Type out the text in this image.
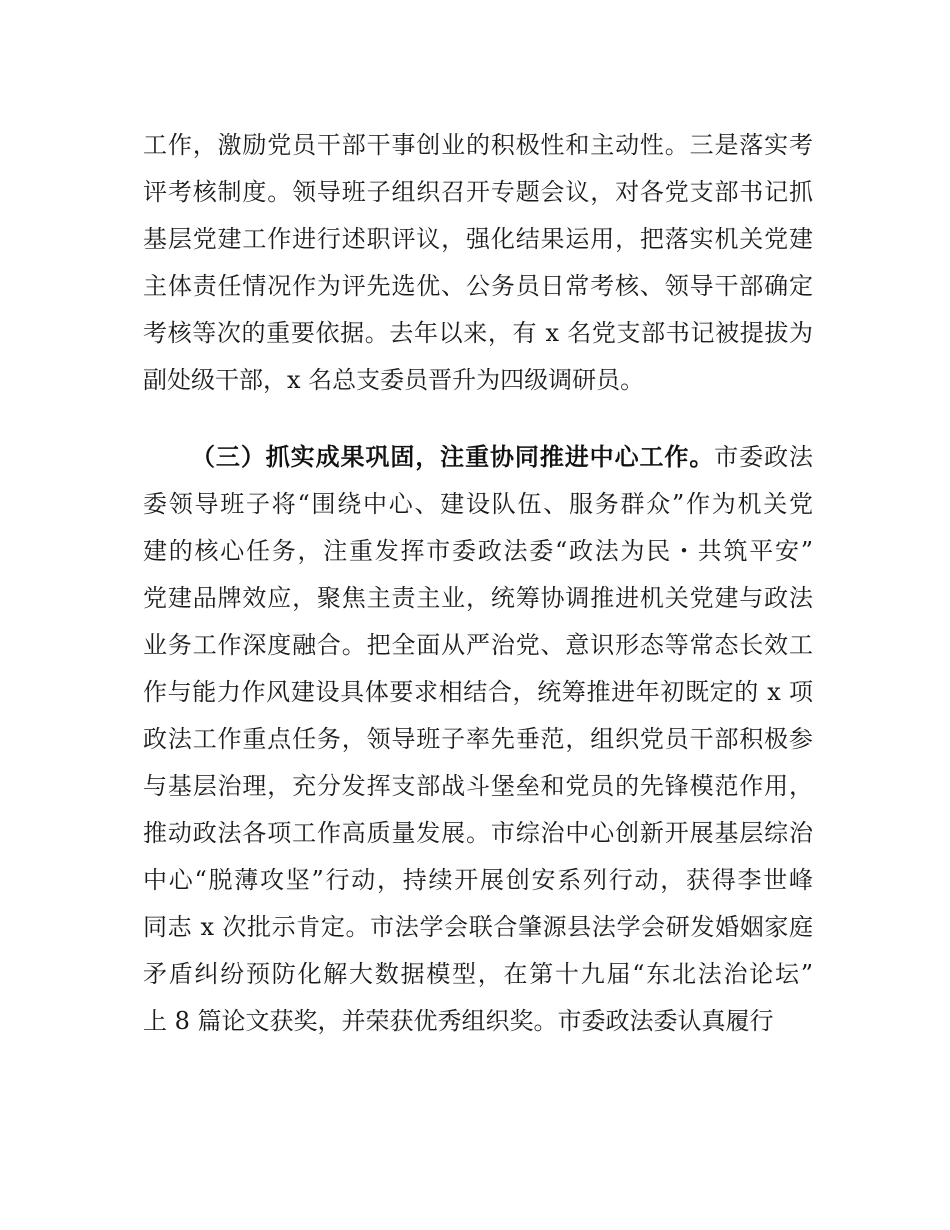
工作，激励党员干部干事创业的积极性和主动性。三是落实考
评考核制度。领导班子组织召开专题会议，对各党支部书记抓
基层党建工作进行述职评议，强化结果运用，把落实机关党建
主体责任情况作为评先选优、公务员日常考核、领导干部确定
考核等次的重要依据。去年以来，有 x 名党支部书记被提拔为
副处级干部，x 名总支委员晋升为四级调研员。
（三）抓实成果巩固，注重协同推进中心工作。市委政法
委领导班子将“围绕中心、建设队伍、服务群众”作为机关党
建的核心任务，注重发挥市委政法委“政法为民・共筑平安”
党建品牌效应，聚焦主责主业，统筹协调推进机关党建与政法
业务工作深度融合。把全面从严治党、意识形态等常态长效工
作与能力作风建设具体要求相结合，统筹推进年初既定的 x 项
政法工作重点任务，领导班子率先垂范，组织党员干部积极参
与基层治理，充分发挥支部战斗堡垒和党员的先锋模范作用，
推动政法各项工作高质量发展。市综治中心创新开展基层综治
中心“脱薄攻坚”行动，持续开展创安系列行动，获得李世峰
同志 x 次批示肯定。市法学会联合肇源县法学会研发婚姻家庭
矛盾纠纷预防化解大数据模型，在第十九届“东北法治论坛”
上 8 篇论文获奖，并荣获优秀组织奖。市委政法委认真履行
